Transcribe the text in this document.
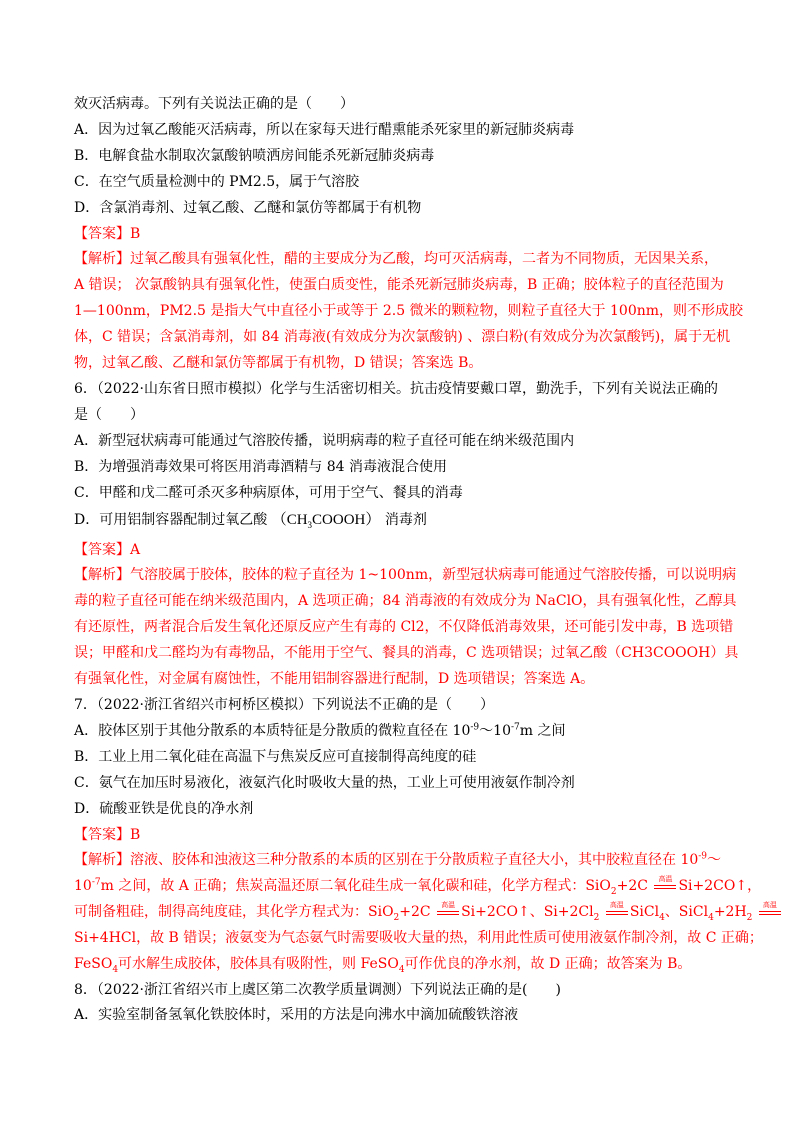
效灭活病毒。下列有关说法正确的是（　　）
A．因为过氧乙酸能灭活病毒，所以在家每天进行醋熏能杀死家里的新冠肺炎病毒
B．电解食盐水制取次氯酸钠喷洒房间能杀死新冠肺炎病毒
C．在空气质量检测中的 PM2.5，属于气溶胶
D．含氯消毒剂、过氧乙酸、乙醚和氯仿等都属于有机物
【答案】B
【解析】过氧乙酸具有强氧化性，醋的主要成分为乙酸，均可灭活病毒，二者为不同物质，无因果关系，
A 错误； 次氯酸钠具有强氧化性，使蛋白质变性，能杀死新冠肺炎病毒，B 正确；胶体粒子的直径范围为
1—100nm，PM2.5 是指大气中直径小于或等于 2.5 微米的颗粒物，则粒子直径大于 100nm，则不形成胶
体，C 错误；含氯消毒剂，如 84 消毒液(有效成分为次氯酸钠) 、漂白粉(有效成分为次氯酸钙)，属于无机
物，过氧乙酸、乙醚和氯仿等都属于有机物，D 错误；答案选 B。
6．（2022·山东省日照市模拟）化学与生活密切相关。抗击疫情要戴口罩，勤洗手，下列有关说法正确的
是（　　）
A．新型冠状病毒可能通过气溶胶传播，说明病毒的粒子直径可能在纳米级范围内
B．为增强消毒效果可将医用消毒酒精与 84 消毒液混合使用
C．甲醛和戊二醛可杀灭多种病原体，可用于空气、餐具的消毒
D．可用铝制容器配制过氧乙酸 $(CH_3COOOH)$ 消毒剂
【答案】A
【解析】气溶胶属于胶体，胶体的粒子直径为 1~100nm，新型冠状病毒可能通过气溶胶传播，可以说明病
毒的粒子直径可能在纳米级范围内，A 选项正确；84 消毒液的有效成分为 NaClO，具有强氧化性，乙醇具
有还原性，两者混合后发生氧化还原反应产生有毒的 Cl2，不仅降低消毒效果，还可能引发中毒，B 选项错
误；甲醛和戊二醛均为有毒物品，不能用于空气、餐具的消毒，C 选项错误；过氧乙酸（CH3COOOH）具
有强氧化性，对金属有腐蚀性，不能用铝制容器进行配制，D 选项错误；答案选 A。
7．（2022·浙江省绍兴市柯桥区模拟）下列说法不正确的是（　　）
A．胶体区别于其他分散系的本质特征是分散质的微粒直径在 $10^{-9}\sim 10^{-7}m$ 之间
B．工业上用二氧化硅在高温下与焦炭反应可直接制得高纯度的硅
C．氨气在加压时易液化，液氨汽化时吸收大量的热，工业上可使用液氨作制冷剂
D．硫酸亚铁是优良的净水剂
【答案】B
【解析】溶液、胶体和浊液这三种分散系的本质的区别在于分散质粒子直径大小，其中胶粒直径在 $10^{-9}\sim$
$10^{-7}m$ 之间，故 A 正确；焦炭高温还原二氧化硅生成一氧化碳和硅，化学方程式：SiO$_2$+2C	高温 Si+2CO↑，
可制备粗硅，制得高纯度硅，其化学方程式为：SiO$_2$+2C	高温 Si+2CO↑、$Si+2Cl_2$
高温 SiCl$_4$、$SiCl_4+2H_2$
高温
Si+4HCl，故 B 错误；液氨变为气态氨气时需要吸收大量的热，利用此性质可使用液氨作制冷剂，故 C 正确；
FeSO$_4$可水解生成胶体，胶体具有吸附性，则 FeSO$_4$可作优良的净水剂，故 D 正确；故答案为 B。
8．（2022·浙江省绍兴市上虞区第二次教学质量调测）下列说法正确的是(　　)
A．实验室制备氢氧化铁胶体时，采用的方法是向沸水中滴加硫酸铁溶液
